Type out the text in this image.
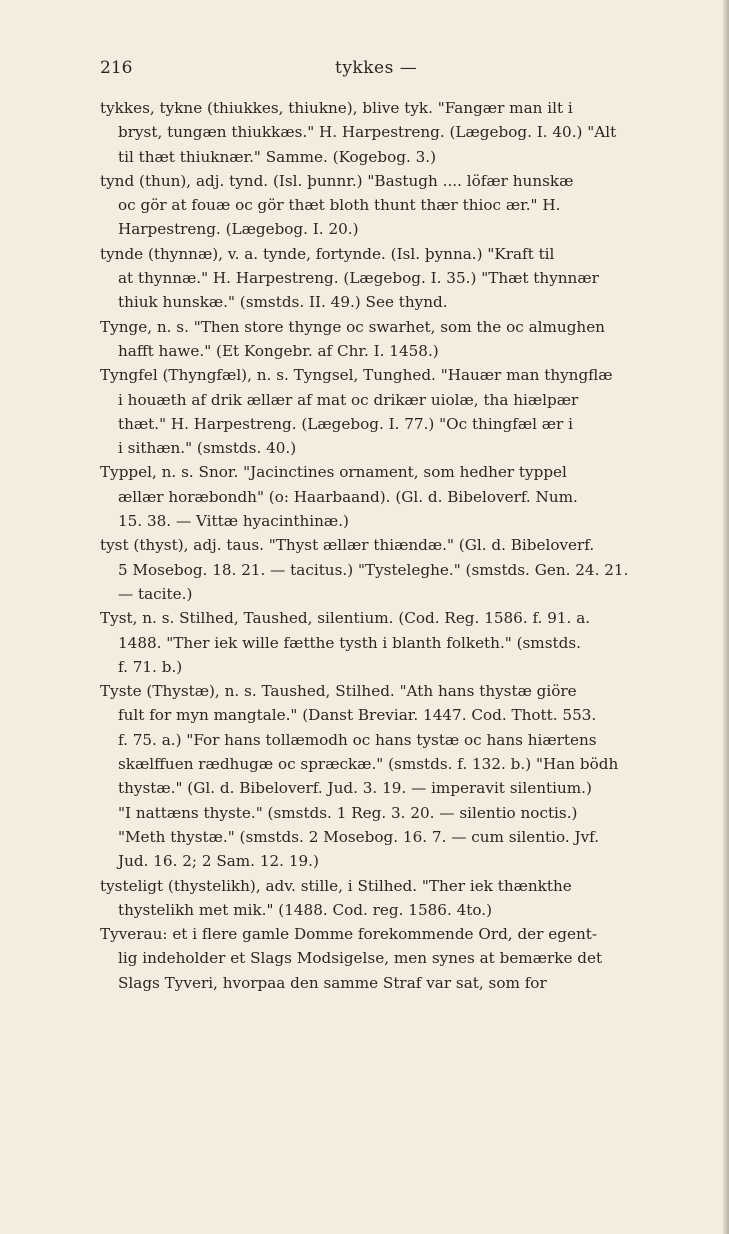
216	tykkes —

tykkes, tykne (thiukkes, thiukne), blive tyk. "Fangær man ilt i
bryst, tungæn thiukkæs." H. Harpestreng. (Lægebog. I. 40.) "Alt
til thæt thiuknær." Samme. (Kogebog. 3.)

tynd (thun), adj. tynd. (Isl. þunnr.) "Bastugh .... löfær hunskæ
oc gör at fouæ oc gör thæt bloth thunt thær thioc ær." H.
Harpestreng. (Lægebog. I. 20.)

tynde (thynnæ), v. a. tynde, fortynde. (Isl. þynna.) "Kraft til
at thynnæ." H. Harpestreng. (Lægebog. I. 35.) "Thæt thynnær
thiuk hunskæ." (smstds. II. 49.) See thynd.

Tynge, n. s. "Then store thynge oc swarhet, som the oc almughen
hafft hawe." (Et Kongebr. af Chr. I. 1458.)

Tyngfel (Thyngfæl), n. s. Tyngsel, Tunghed. "Hauær man thyngflæ
i houæth af drik ællær af mat oc drikær uiolæ, tha hiælpær
thæt." H. Harpestreng. (Lægebog. I. 77.) "Oc thingfæl ær i
i sithæn." (smstds. 40.)

Typpel, n. s. Snor. "Jacinctines ornament, som hedher typpel
ællær horæbondh" (o: Haarbaand). (Gl. d. Bibeloverf. Num.
15. 38. — Vittæ hyacinthinæ.)

tyst (thyst), adj. taus. "Thyst ællær thiændæ." (Gl. d. Bibeloverf.
5 Mosebog. 18. 21. — tacitus.) "Tysteleghe." (smstds. Gen. 24. 21.
— tacite.)

Tyst, n. s. Stilhed, Taushed, silentium. (Cod. Reg. 1586. f. 91. a.
1488. "Ther iek wille fætthe tysth i blanth folketh." (smstds.
f. 71. b.)

Tyste (Thystæ), n. s. Taushed, Stilhed. "Ath hans thystæ giöre
fult for myn mangtale." (Danst Breviar. 1447. Cod. Thott. 553.
f. 75. a.) "For hans tollæmodh oc hans tystæ oc hans hiærtens
skælffuen rædhugæ oc spræckæ." (smstds. f. 132. b.) "Han bödh
thystæ." (Gl. d. Bibeloverf. Jud. 3. 19. — imperavit silentium.)
"I nattæns thyste." (smstds. 1 Reg. 3. 20. — silentio noctis.)
"Meth thystæ." (smstds. 2 Mosebog. 16. 7. — cum silentio. Jvf.
Jud. 16. 2; 2 Sam. 12. 19.)

tysteligt (thystelikh), adv. stille, i Stilhed. "Ther iek thænkthe
thystelikh met mik." (1488. Cod. reg. 1586. 4to.)

Tyverau: et i flere gamle Domme forekommende Ord, der egent-
lig indeholder et Slags Modsigelse, men synes at bemærke det
Slags Tyveri, hvorpaa den samme Straf var sat, som for
